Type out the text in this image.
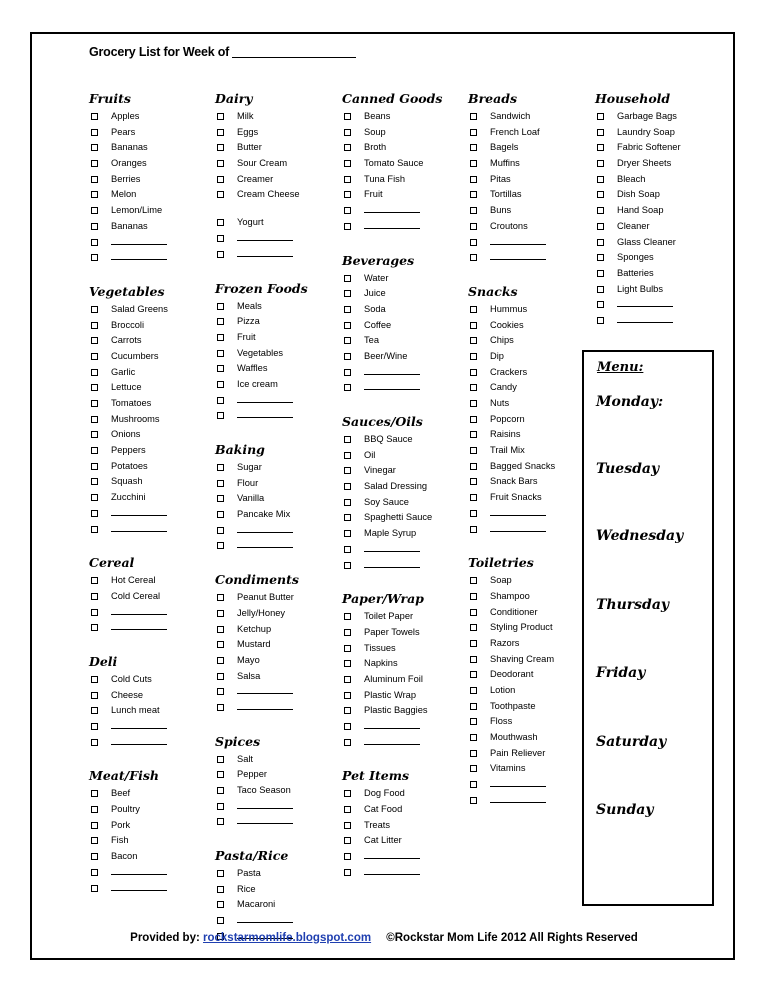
Grocery List for Week of
Fruits
Apples
Pears
Bananas
Oranges
Berries
Melon
Lemon/Lime
Bananas
Vegetables
Salad Greens
Broccoli
Carrots
Cucumbers
Garlic
Lettuce
Tomatoes
Mushrooms
Onions
Peppers
Potatoes
Squash
Zucchini
Cereal
Hot Cereal
Cold Cereal
Deli
Cold Cuts
Cheese
Lunch meat
Meat/Fish
Beef
Poultry
Pork
Fish
Bacon
Dairy
Milk
Eggs
Butter
Sour Cream
Creamer
Cream Cheese
Yogurt
Frozen Foods
Meals
Pizza
Fruit
Vegetables
Waffles
Ice cream
Baking
Sugar
Flour
Vanilla
Pancake Mix
Condiments
Peanut Butter
Jelly/Honey
Ketchup
Mustard
Mayo
Salsa
Spices
Salt
Pepper
Taco Season
Pasta/Rice
Pasta
Rice
Macaroni
Canned Goods
Beans
Soup
Broth
Tomato Sauce
Tuna Fish
Fruit
Beverages
Water
Juice
Soda
Coffee
Tea
Beer/Wine
Sauces/Oils
BBQ Sauce
Oil
Vinegar
Salad Dressing
Soy Sauce
Spaghetti Sauce
Maple Syrup
Paper/Wrap
Toilet Paper
Paper Towels
Tissues
Napkins
Aluminum Foil
Plastic Wrap
Plastic Baggies
Pet Items
Dog Food
Cat Food
Treats
Cat Litter
Breads
Sandwich
French Loaf
Bagels
Muffins
Pitas
Tortillas
Buns
Croutons
Snacks
Hummus
Cookies
Chips
Dip
Crackers
Candy
Nuts
Popcorn
Raisins
Trail Mix
Bagged Snacks
Snack Bars
Fruit Snacks
Toiletries
Soap
Shampoo
Conditioner
Styling Product
Razors
Shaving Cream
Deodorant
Lotion
Toothpaste
Floss
Mouthwash
Pain Reliever
Vitamins
Household
Garbage Bags
Laundry Soap
Fabric Softener
Dryer Sheets
Bleach
Dish Soap
Hand Soap
Cleaner
Glass Cleaner
Sponges
Batteries
Light Bulbs
Menu:
Monday:
Tuesday
Wednesday
Thursday
Friday
Saturday
Sunday
Provided by: rockstarmomlife.blogspot.com ©Rockstar Mom Life 2012 All Rights Reserved
